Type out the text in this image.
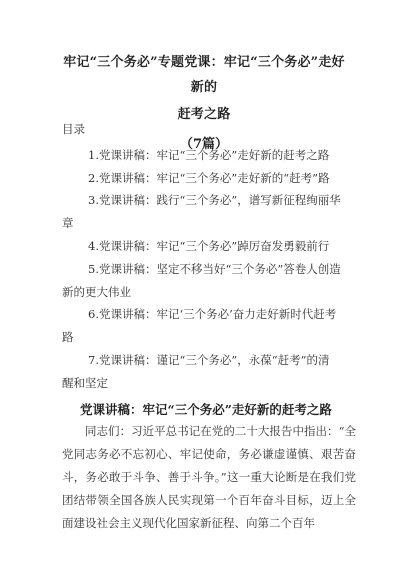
牢记“三个务必”专题党课：牢记“三个务必”走好新的
赶考之路
（7篇）
目录
1.党课讲稿：牢记“三个务必”走好新的赶考之路
2.党课讲稿：牢记“三个务必”走好新的“赶考”路
3.党课讲稿：践行“三个务必”，谱写新征程绚丽华
章
4.党课讲稿：牢记“三个务必”踔厉奋发勇毅前行
5.党课讲稿：坚定不移当好“三个务必”答卷人创造
新的更大伟业
6.党课讲稿：牢记‘三个务必’奋力走好新时代赶考
路
7.党课讲稿：谨记“三个务必”，永葆“赶考”的清
醒和坚定
党课讲稿：牢记“三个务必”走好新的赶考之路
同志们：习近平总书记在党的二十大报告中指出：“全党同志务必不忘初心、牢记使命，务必谦虚谨慎、艰苦奋斗，务必敢于斗争、善于斗争。”这一重大论断是在我们党团结带领全国各族人民实现第一个百年奋斗目标，迈上全面建设社会主义现代化国家新征程、向第二个百年
